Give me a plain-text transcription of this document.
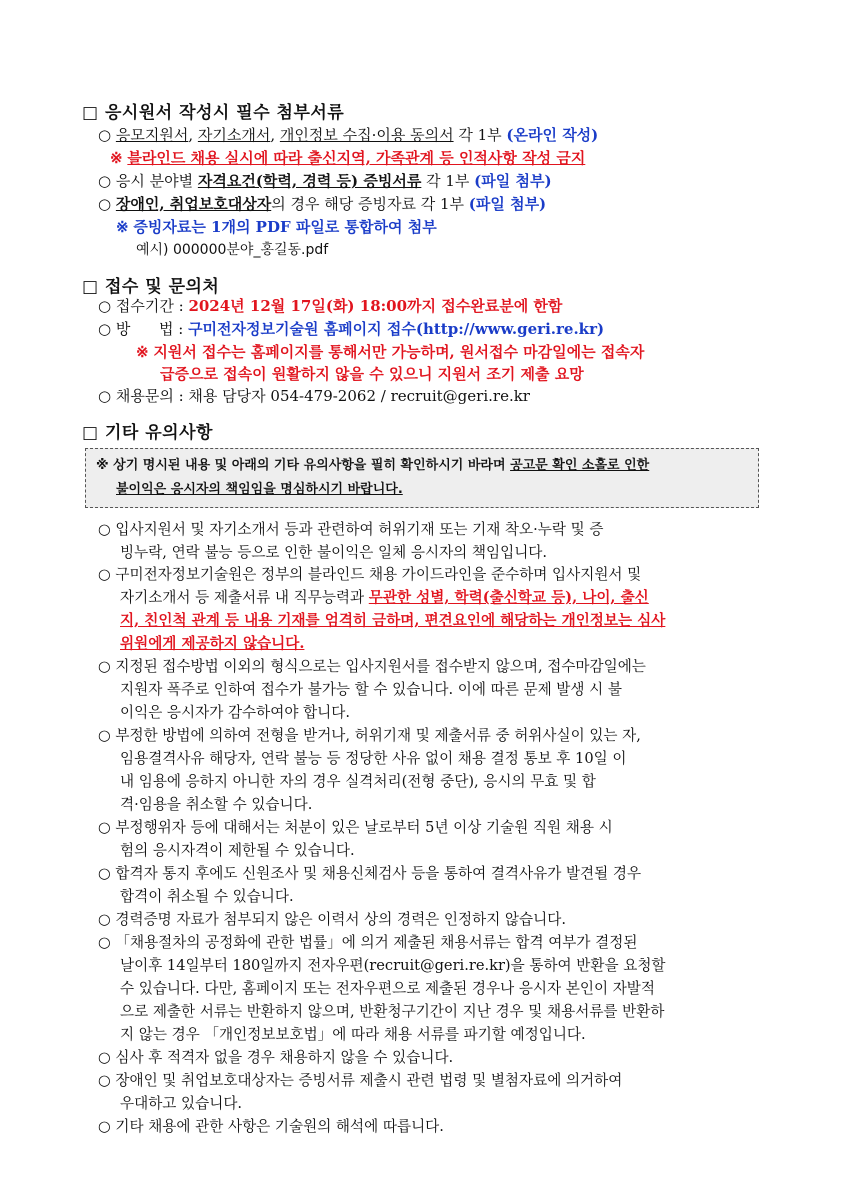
□ 응시원서 작성시 필수 첨부서류
○ 응모지원서, 자기소개서, 개인정보 수집·이용 동의서 각 1부 (온라인 작성)
※ 블라인드 채용 실시에 따라 출신지역, 가족관계 등 인적사항 작성 금지
○ 응시 분야별 자격요건(학력, 경력 등) 증빙서류 각 1부 (파일 첨부)
○ 장애인, 취업보호대상자의 경우 해당 증빙자료 각 1부 (파일 첨부)
※ 증빙자료는 1개의 PDF 파일로 통합하여 첨부
예시) 000000분야_홍길동.pdf
□ 접수 및 문의처
○ 접수기간 : 2024년 12월 17일(화) 18:00까지 접수완료분에 한함
○ 방      법 : 구미전자정보기술원 홈페이지 접수(http://www.geri.re.kr)
※ 지원서 접수는 홈페이지를 통해서만 가능하며, 원서접수 마감일에는 접속자
급증으로 접속이 원활하지 않을 수 있으니 지원서 조기 제출 요망
○ 채용문의 : 채용 담당자 054-479-2062 / recruit@geri.re.kr
□ 기타 유의사항
※ 상기 명시된 내용 및 아래의 기타 유의사항을 필히 확인하시기 바라며 공고문 확인 소홀로 인한
불이익은 응시자의 책임임을 명심하시기 바랍니다.
○ 입사지원서 및 자기소개서 등과 관련하여 허위기재 또는 기재 착오·누락 및 증
빙누락, 연락 불능 등으로 인한 불이익은 일체 응시자의 책임입니다.
○ 구미전자정보기술원은 정부의 블라인드 채용 가이드라인을 준수하며 입사지원서 및
자기소개서 등 제출서류 내 직무능력과 무관한 성별, 학력(출신학교 등), 나이, 출신
지, 친인척 관계 등 내용 기재를 엄격히 금하며, 편견요인에 해당하는 개인정보는 심사
위원에게 제공하지 않습니다.
○ 지정된 접수방법 이외의 형식으로는 입사지원서를 접수받지 않으며, 접수마감일에는
지원자 폭주로 인하여 접수가 불가능 할 수 있습니다. 이에 따른 문제 발생 시 불
이익은 응시자가 감수하여야 합니다.
○ 부정한 방법에 의하여 전형을 받거나, 허위기재 및 제출서류 중 허위사실이 있는 자,
임용결격사유 해당자, 연락 불능 등 정당한 사유 없이 채용 결정 통보 후 10일 이
내 임용에 응하지 아니한 자의 경우 실격처리(전형 중단), 응시의 무효 및 합
격·임용을 취소할 수 있습니다.
○ 부정행위자 등에 대해서는 처분이 있은 날로부터 5년 이상 기술원 직원 채용 시
험의 응시자격이 제한될 수 있습니다.
○ 합격자 통지 후에도 신원조사 및 채용신체검사 등을 통하여 결격사유가 발견될 경우
합격이 취소될 수 있습니다.
○ 경력증명 자료가 첨부되지 않은 이력서 상의 경력은 인정하지 않습니다.
○ 「채용절차의 공정화에 관한 법률」에 의거 제출된 채용서류는 합격 여부가 결정된
날이후 14일부터 180일까지 전자우편(recruit@geri.re.kr)을 통하여 반환을 요청할
수 있습니다. 다만, 홈페이지 또는 전자우편으로 제출된 경우나 응시자 본인이 자발적
으로 제출한 서류는 반환하지 않으며, 반환청구기간이 지난 경우 및 채용서류를 반환하
지 않는 경우 「개인정보보호법」에 따라 채용 서류를 파기할 예정입니다.
○ 심사 후 적격자 없을 경우 채용하지 않을 수 있습니다.
○ 장애인 및 취업보호대상자는 증빙서류 제출시 관련 법령 및 별첨자료에 의거하여
우대하고 있습니다.
○ 기타 채용에 관한 사항은 기술원의 해석에 따릅니다.
